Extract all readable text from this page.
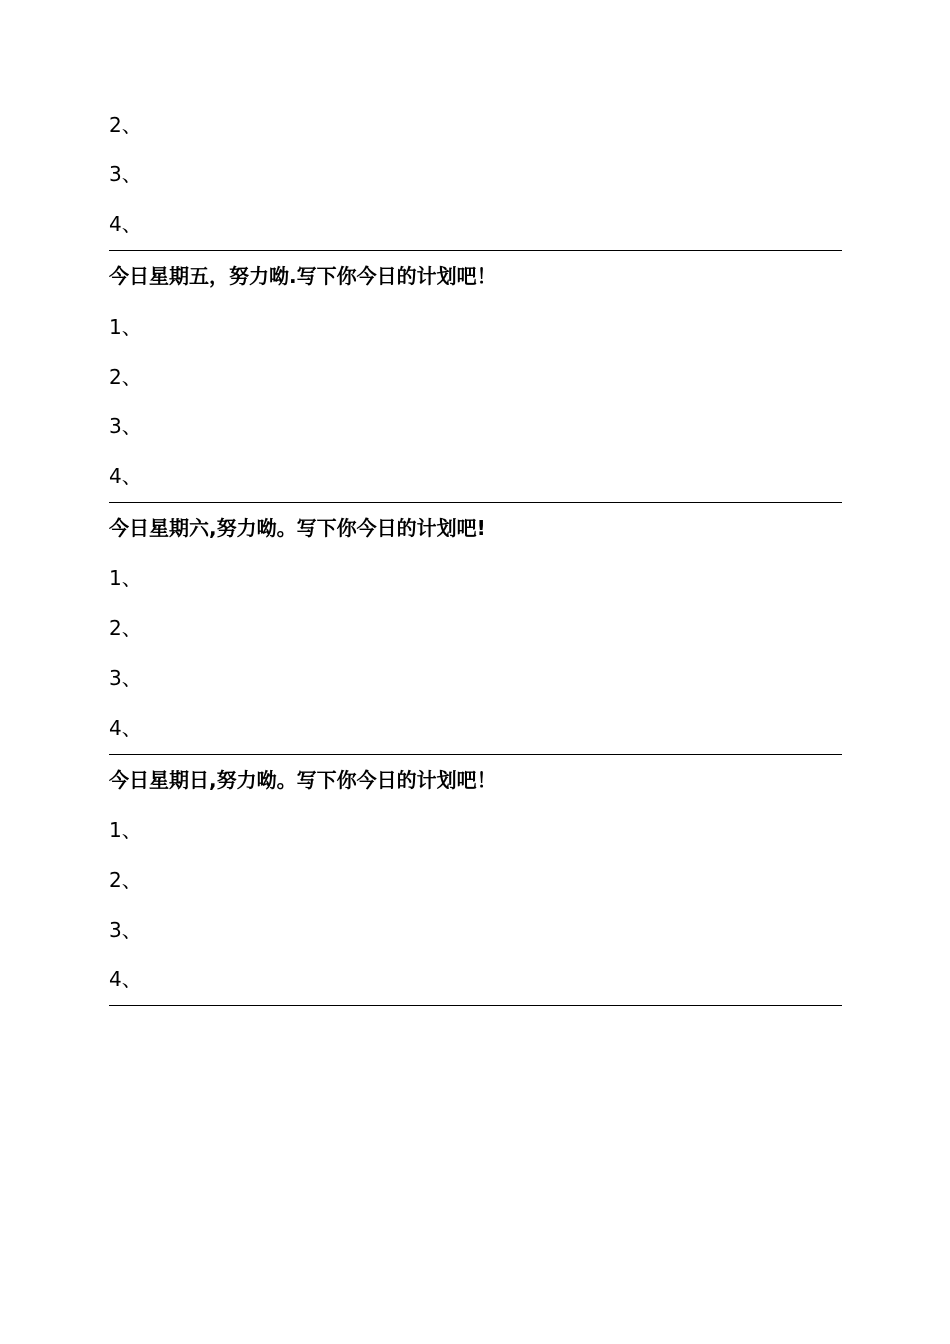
2、
3、
4、
今日星期五，努力呦.写下你今日的计划吧！
1、
2、
3、
4、
今日星期六,努力呦。写下你今日的计划吧!
1、
2、
3、
4、
今日星期日,努力呦。写下你今日的计划吧！
1、
2、
3、
4、
